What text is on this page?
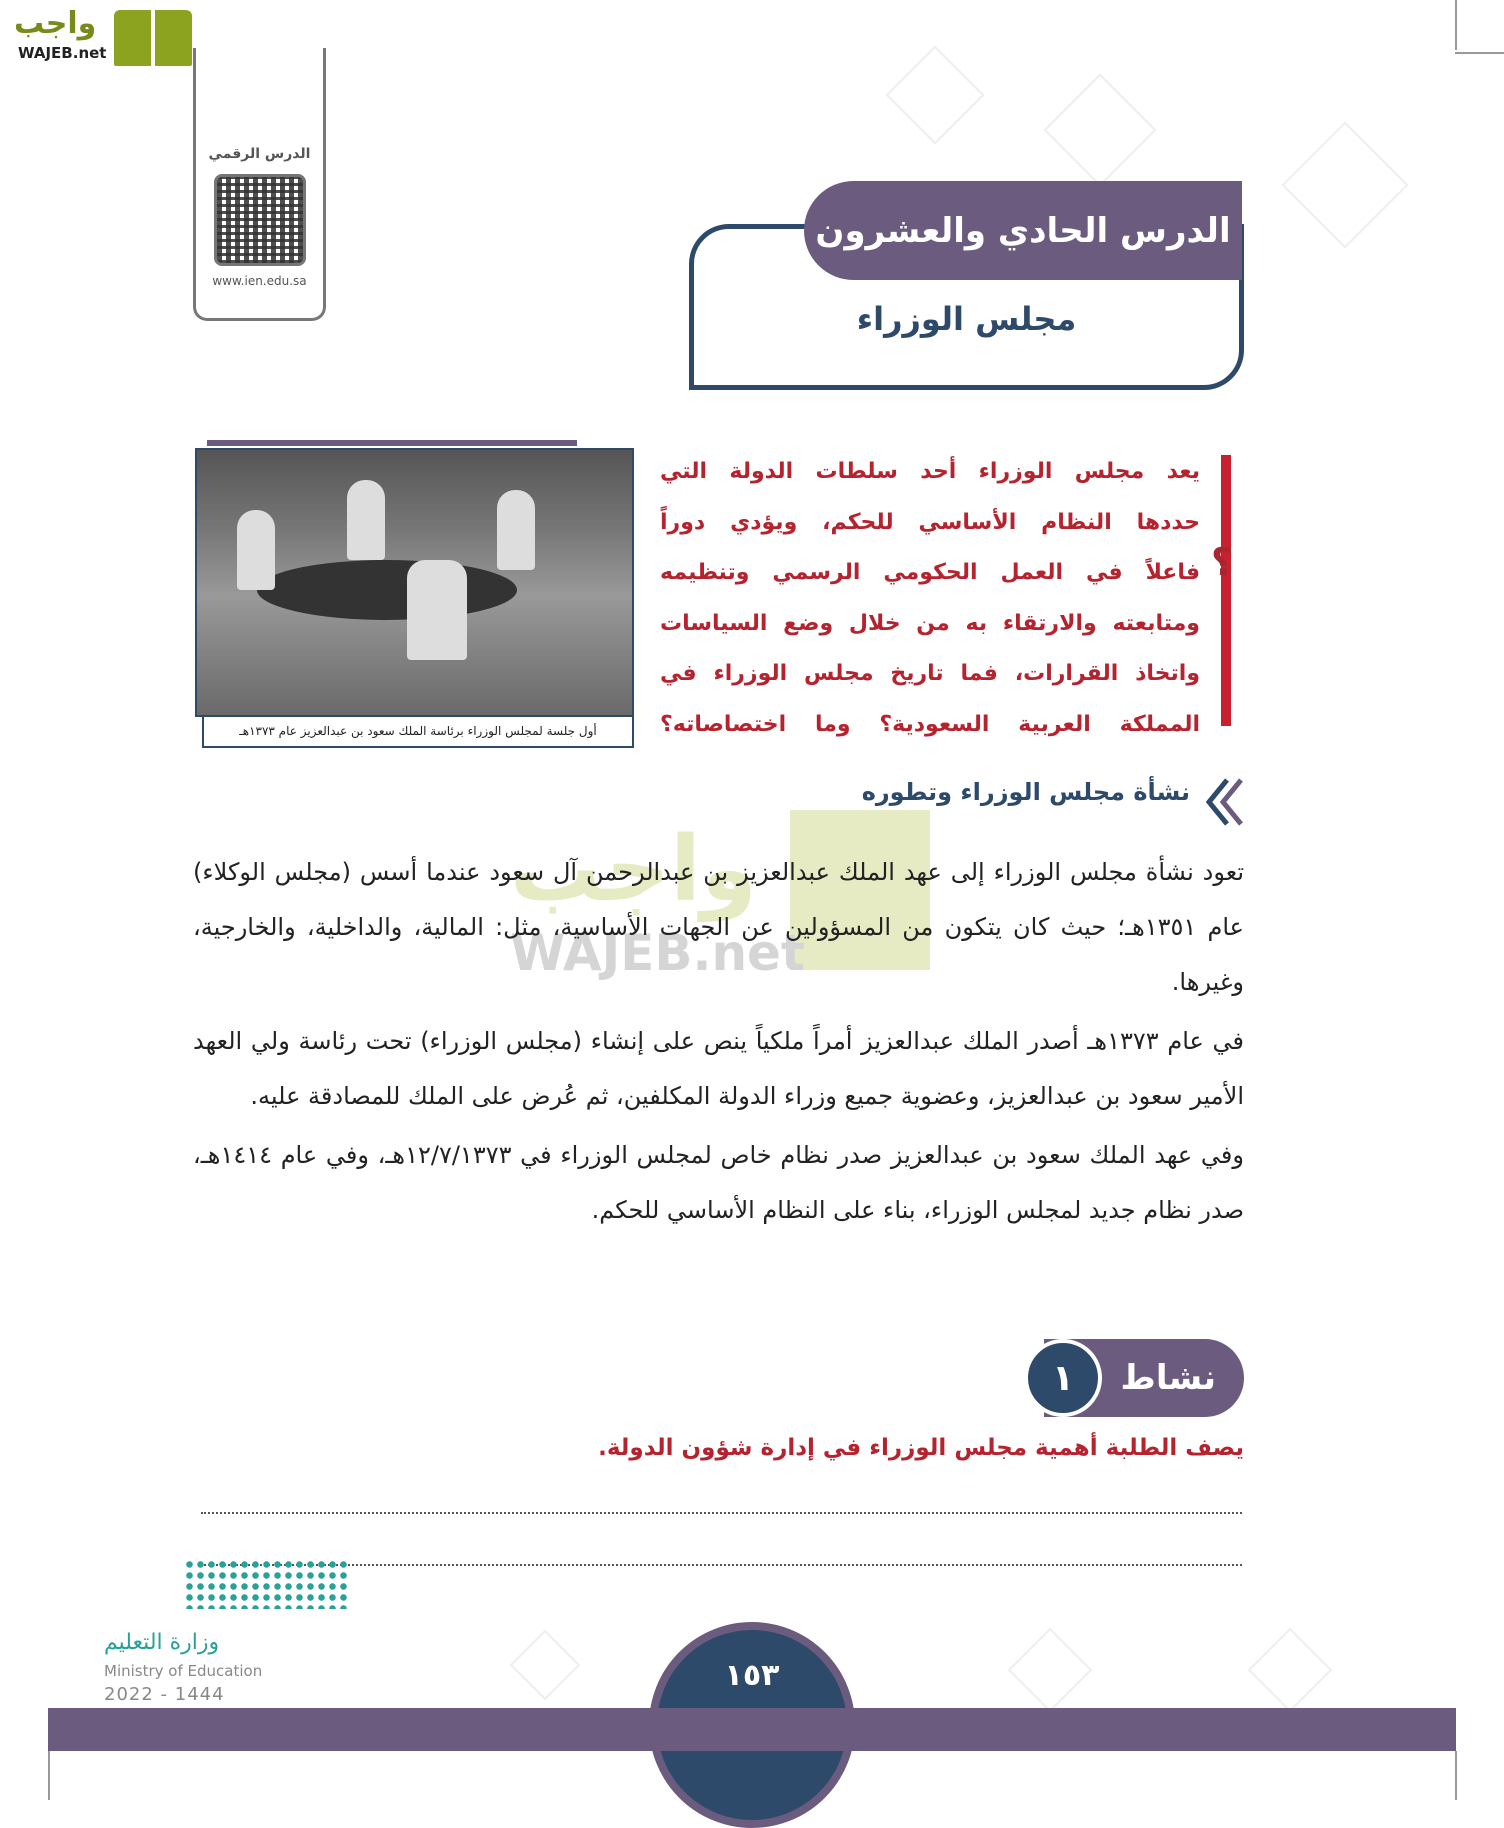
واجب
WAJEB.net
الدرس الرقمي
www.ien.edu.sa
الدرس الحادي والعشرون
مجلس الوزراء
أول جلسة لمجلس الوزراء برئاسة الملك سعود بن عبدالعزيز عام ١٣٧٣هـ
؟
يعد مجلس الوزراء أحد سلطات الدولة التي
حددها النظام الأساسي للحكم، ويؤدي دوراً
فاعلاً في العمل الحكومي الرسمي وتنظيمه
ومتابعته والارتقاء به من خلال وضع السياسات
واتخاذ القرارات، فما تاريخ مجلس الوزراء في
المملكة العربية السعودية؟ وما اختصاصاته؟
نشأة مجلس الوزراء وتطوره
واجب
WAJEB.net

تعود نشأة مجلس الوزراء إلى عهد الملك عبدالعزيز بن عبدالرحمن آل سعود عندما أسس (مجلس الوكلاء) عام ١٣٥١هـ؛ حيث كان يتكون من المسؤولين عن الجهات الأساسية، مثل: المالية، والداخلية، والخارجية، وغيرها.

في عام ١٣٧٣هـ أصدر الملك عبدالعزيز أمراً ملكياً ينص على إنشاء (مجلس الوزراء) تحت رئاسة ولي العهد الأمير سعود بن عبدالعزيز، وعضوية جميع وزراء الدولة المكلفين، ثم عُرض على الملك للمصادقة عليه.

وفي عهد الملك سعود بن عبدالعزيز صدر نظام خاص لمجلس الوزراء في ١٢/٧/١٣٧٣هـ، وفي عام ١٤١٤هـ، صدر نظام جديد لمجلس الوزراء، بناء على النظام الأساسي للحكم.

نشاط
١
يصف الطلبة أهمية مجلس الوزراء في إدارة شؤون الدولة.
وزارة التعليم
Ministry of Education
2022 - 1444
١٥٣
